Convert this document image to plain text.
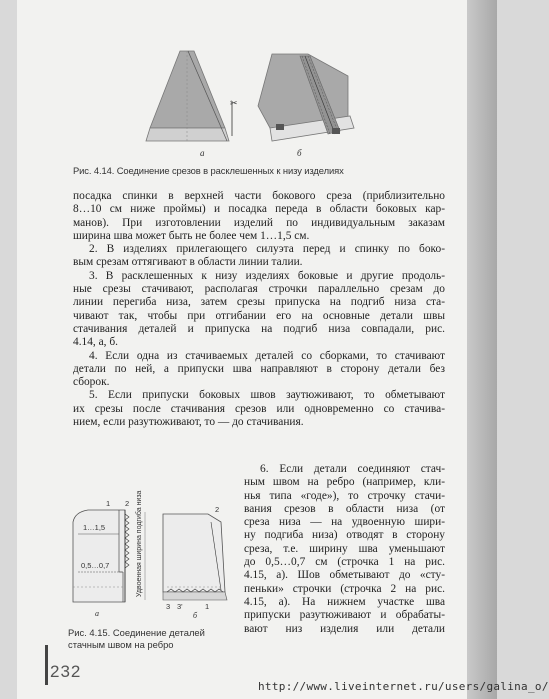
✂
а	б
Рис. 4.14. Соединение срезов в расклешенных к низу изделиях
посадка спинки в верхней части бокового среза (приблизительно
8…10 см ниже проймы) и посадка переда в области боковых кар-
манов). При изготовлении изделий по индивидуальным заказам
ширина шва может быть не более чем 1…1,5 см.
2. В изделиях прилегающего силуэта перед и спинку по боко-
вым срезам оттягивают в области линии талии.
3. В расклешенных к низу изделиях боковые и другие продоль-
ные срезы стачивают, располагая строчки параллельно срезам до
линии перегиба низа, затем срезы припуска на подгиб низа ста-
чивают так, чтобы при отгибании его на основные детали швы
стачивания деталей и припуска на подгиб низа совпадали, рис.
4.14, а, б.
4. Если одна из стачиваемых деталей со сборками, то стачивают
детали по ней, а припуски шва направляют в сторону детали без
сборок.
5. Если припуски боковых швов заутюживают, то обметывают
их срезы после стачивания срезов или одновременно со стачива-
нием, если разутюживают, то — до стачивания.
6. Если детали соединяют стач-
ным швом на ребро (например, кли-
нья типа «годе»), то строчку стачи-
вания срезов в области низа (от
среза низа — на удвоенную шири-
ну подгиба низа) отводят в сторону
среза, т.е. ширину шва уменьшают
до 0,5…0,7 см (строчка 1 на рис.
4.15, а). Шов обметывают до «сту-
пеньки» строчки (строчка 2 на рис.
4.15, а). На нижнем участке шва
припуски разутюживают и обрабаты-
вают низ изделия или детали
1
1…1,5
0,5…0,7
2
а
Удвоенная ширина подгиба низа	2
3 3'	1
б
Рис. 4.15. Соединение деталей
стачным швом на ребро
232
http://www.liveinternet.ru/users/galina_o/
